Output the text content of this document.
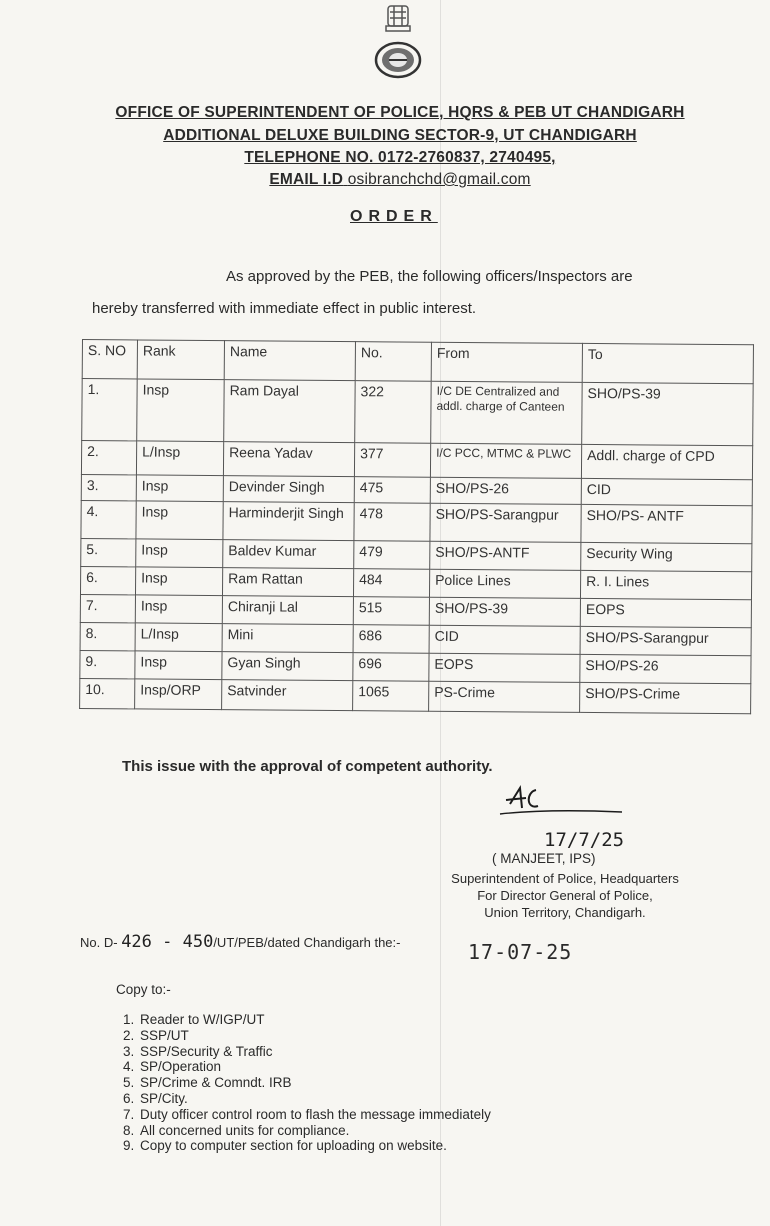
OFFICE OF SUPERINTENDENT OF POLICE, HQRS & PEB UT CHANDIGARH
ADDITIONAL DELUXE BUILDING SECTOR-9, UT CHANDIGARH
TELEPHONE NO. 0172-2760837, 2740495,
EMAIL I.D osibranchchd@gmail.com
ORDER
As approved by the PEB, the following officers/Inspectors are
hereby transferred with immediate effect in public interest.
S. NO	Rank	Name	No.	From	To
1.	Insp	Ram Dayal	322	I/C DE Centralized and addl. charge of Canteen	SHO/PS-39
2.	L/Insp	Reena Yadav	377	I/C PCC, MTMC & PLWC	Addl. charge of CPD
3.	Insp	Devinder Singh	475	SHO/PS-26	CID
4.	Insp	Harminderjit Singh	478	SHO/PS-Sarangpur	SHO/PS- ANTF
5.	Insp	Baldev Kumar	479	SHO/PS-ANTF	Security Wing
6.	Insp	Ram Rattan	484	Police Lines	R. I. Lines
7.	Insp	Chiranji Lal	515	SHO/PS-39	EOPS
8.	L/Insp	Mini	686	CID	SHO/PS-Sarangpur
9.	Insp	Gyan Singh	696	EOPS	SHO/PS-26
10.	Insp/ORP	Satvinder	1065	PS-Crime	SHO/PS-Crime
This issue with the approval of competent authority.
17/7/25
( MANJEET, IPS)
Superintendent of Police, Headquarters
For Director General of Police,
Union Territory, Chandigarh.
No. D- 426 - 450/UT/PEB/dated Chandigarh the:-	17-07-25
Copy to:-
1. Reader to W/IGP/UT
2. SSP/UT
3. SSP/Security & Traffic
4. SP/Operation
5. SP/Crime & Comndt. IRB
6. SP/City.
7. Duty officer control room to flash the message immediately
8. All concerned units for compliance.
9. Copy to computer section for uploading on website.
